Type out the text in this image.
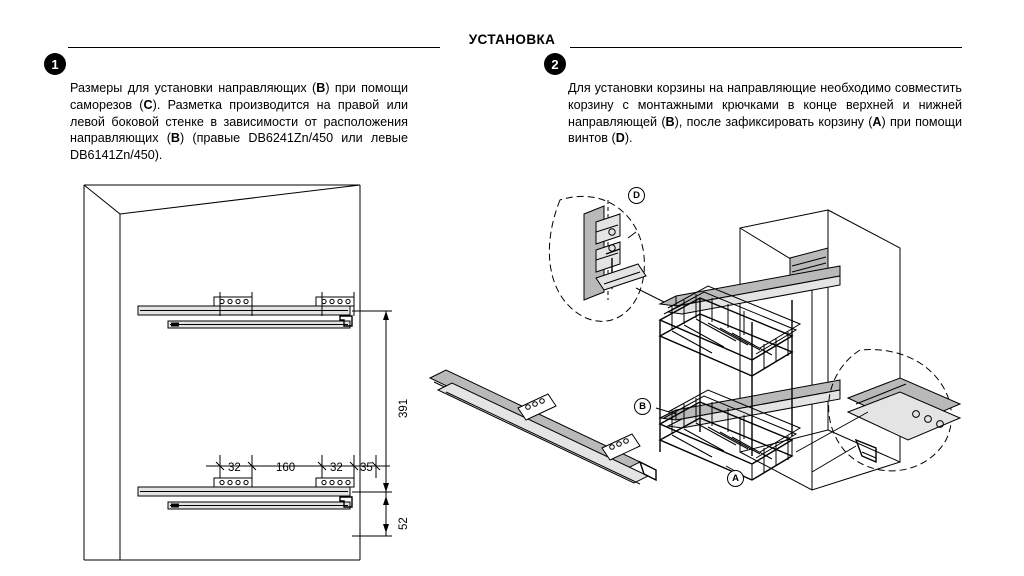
УСТАНОВКА
1	2
Размеры для установки направляющих (B) при помощи саморезов (C). Разметка производится на правой или левой боковой стенке в зависимости от расположения направляющих (B) (правые DB6241Zn/450 или левые DB6141Zn/450).
Для установки корзины на направляющие необходимо совместить корзину с монтажными крючками в конце верхней и нижней направляющей (B), после зафиксировать корзину (A) при помощи винтов (D).
32	160	32 35
391
52
D
B
A
